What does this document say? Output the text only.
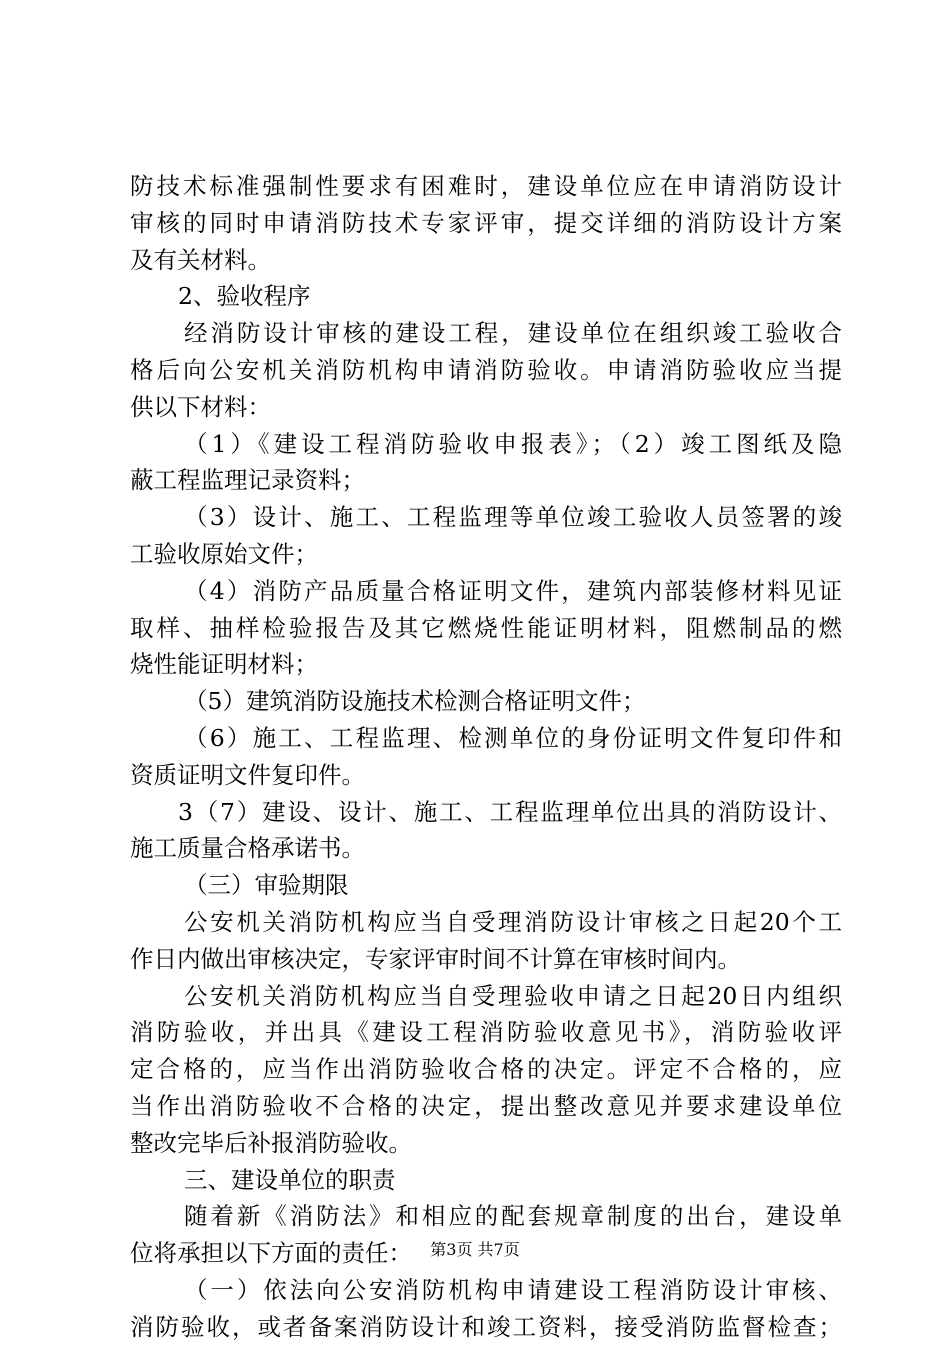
防技术标准强制性要求有困难时，建设单位应在申请消防设计
审核的同时申请消防技术专家评审，提交详细的消防设计方案
及有关材料。
2、验收程序
经消防设计审核的建设工程，建设单位在组织竣工验收合
格后向公安机关消防机构申请消防验收。申请消防验收应当提
供以下材料：
（1）《建设工程消防验收申报表》；（2）竣工图纸及隐
蔽工程监理记录资料；
（3）设计、施工、工程监理等单位竣工验收人员签署的竣
工验收原始文件；
（4）消防产品质量合格证明文件，建筑内部装修材料见证
取样、抽样检验报告及其它燃烧性能证明材料，阻燃制品的燃
烧性能证明材料；
（5）建筑消防设施技术检测合格证明文件；
（6）施工、工程监理、检测单位的身份证明文件复印件和
资质证明文件复印件。
3（7）建设、设计、施工、工程监理单位出具的消防设计、
施工质量合格承诺书。
（三）审验期限
公安机关消防机构应当自受理消防设计审核之日起20个工
作日内做出审核决定，专家评审时间不计算在审核时间内。
公安机关消防机构应当自受理验收申请之日起20日内组织
消防验收，并出具《建设工程消防验收意见书》，消防验收评
定合格的，应当作出消防验收合格的决定。评定不合格的，应
当作出消防验收不合格的决定，提出整改意见并要求建设单位
整改完毕后补报消防验收。
三、建设单位的职责
随着新《消防法》和相应的配套规章制度的出台，建设单
位将承担以下方面的责任：
（一）依法向公安消防机构申请建设工程消防设计审核、
消防验收，或者备案消防设计和竣工资料，接受消防监督检查；
第3页 共7页
